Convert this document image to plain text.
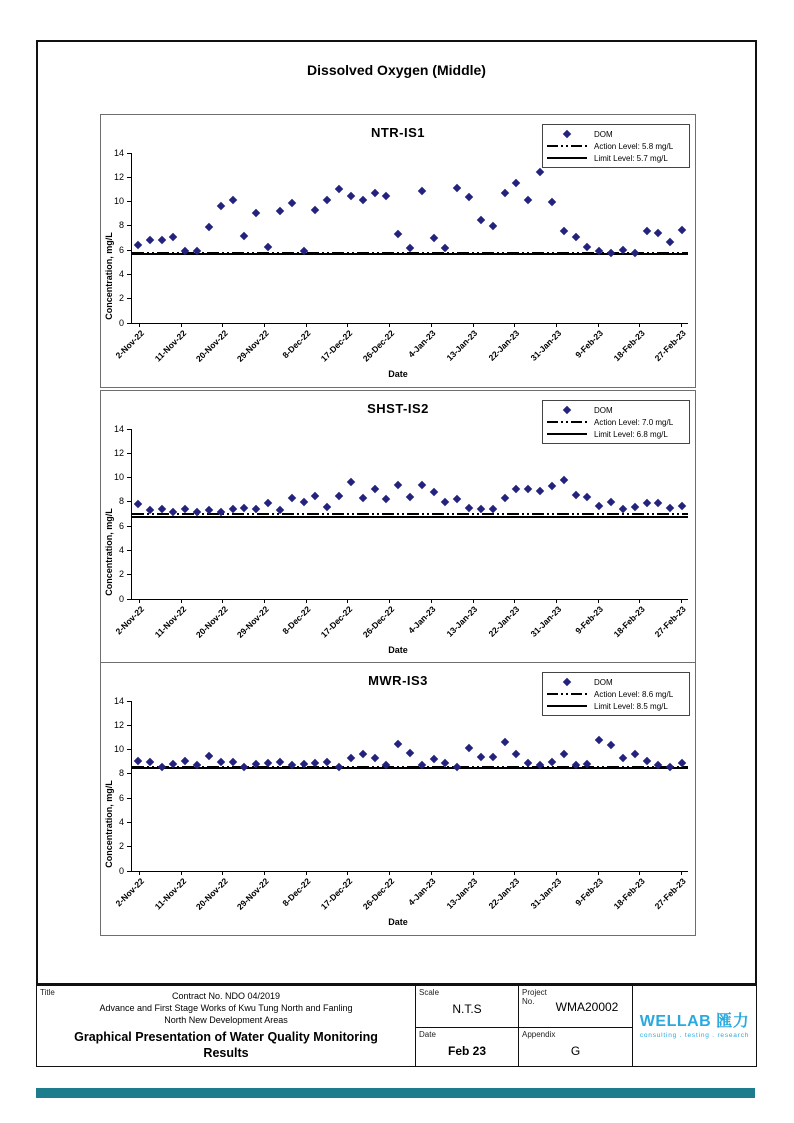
Dissolved Oxygen (Middle)
NTR-IS1	DOM
Action Level: 5.8 mg/L
Limit Level: 5.7 mg/L
Concentration, mg/L
0
2
4
6
8
10
12
14
2-Nov-22 11-Nov-22 20-Nov-22 29-Nov-22 8-Dec-22 17-Dec-22 26-Dec-22 4-Jan-23 13-Jan-23 22-Jan-23 31-Jan-23 9-Feb-23 18-Feb-23 27-Feb-23
Date
SHST-IS2	DOM
Action Level: 7.0 mg/L
Limit Level: 6.8 mg/L
Concentration, mg/L
0
2
4
6
8
10
12
14
2-Nov-22 11-Nov-22 20-Nov-22 29-Nov-22 8-Dec-22 17-Dec-22 26-Dec-22 4-Jan-23 13-Jan-23 22-Jan-23 31-Jan-23 9-Feb-23 18-Feb-23 27-Feb-23
Date
MWR-IS3	DOM
Action Level: 8.6 mg/L
Limit Level: 8.5 mg/L
Concentration, mg/L
0
2
4
6
8
10
12
14
2-Nov-22 11-Nov-22 20-Nov-22 29-Nov-22 8-Dec-22 17-Dec-22 26-Dec-22 4-Jan-23 13-Jan-23 22-Jan-23 31-Jan-23 9-Feb-23 18-Feb-23 27-Feb-23
Date
Title	Contract No. NDO 04/2019
Advance and First Stage Works of Kwu Tung North and Fanling
North New Development Areas
Graphical Presentation of Water Quality Monitoring
Results
Scale
N.T.S
Project
No.	WMA20002
Date
Feb 23
Appendix
G
WELLAB 匯力
consulting . testing . research
